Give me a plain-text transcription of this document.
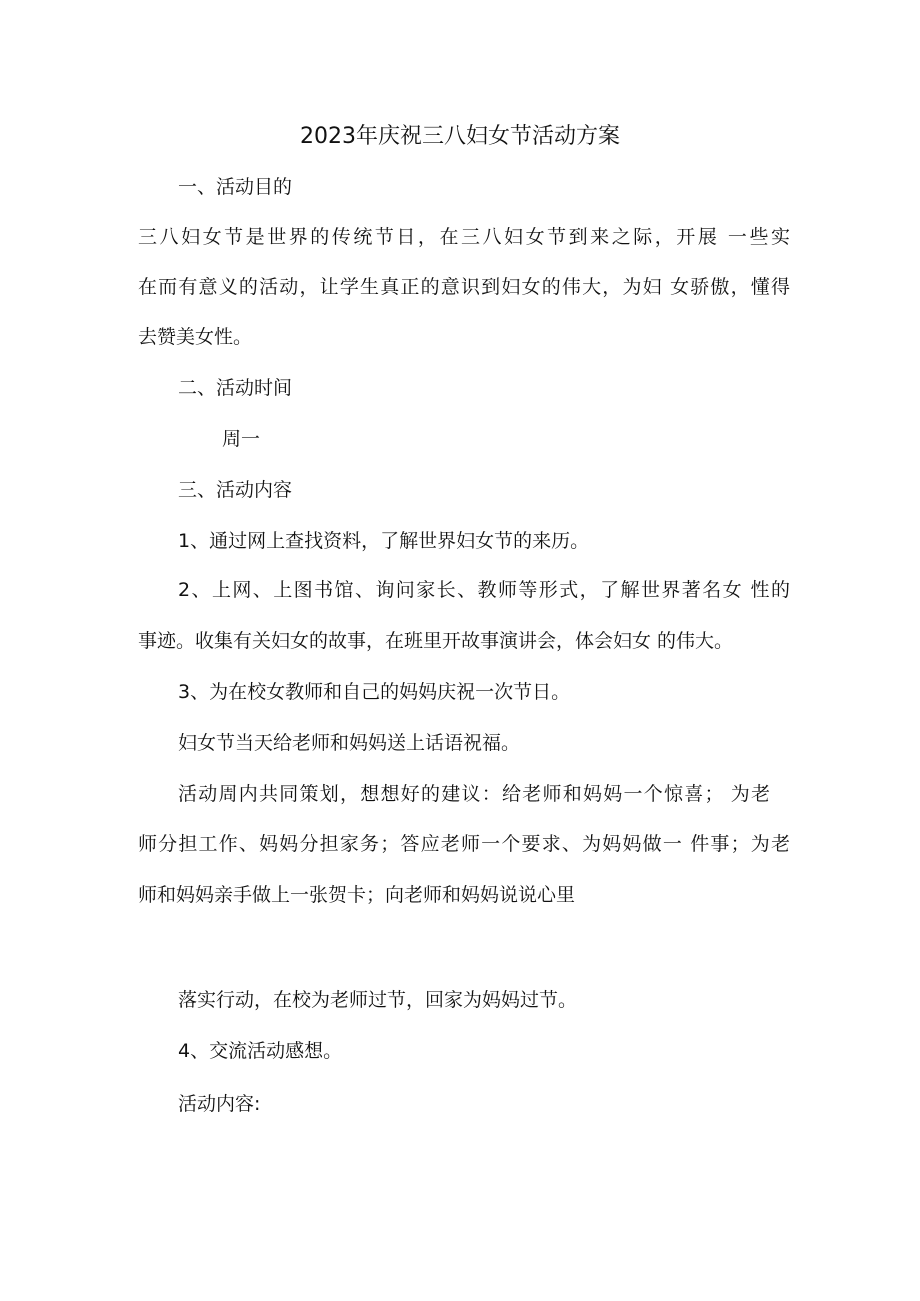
2023年庆祝三八妇女节活动方案

一、活动目的

三八妇女节是世界的传统节日，在三八妇女节到来之际，开展 一些实

在而有意义的活动，让学生真正的意识到妇女的伟大，为妇 女骄傲，懂得

去赞美女性。

二、活动时间

周一

三、活动内容

1、通过网上查找资料，了解世界妇女节的来历。

2、上网、上图书馆、询问家长、教师等形式，了解世界著名女 性的

事迹。收集有关妇女的故事，在班里开故事演讲会，体会妇女 的伟大。

3、为在校女教师和自己的妈妈庆祝一次节日。

妇女节当天给老师和妈妈送上话语祝福。

活动周内共同策划，想想好的建议：给老师和妈妈一个惊喜； 为老

师分担工作、妈妈分担家务；答应老师一个要求、为妈妈做一 件事；为老

师和妈妈亲手做上一张贺卡；向老师和妈妈说说心里

落实行动，在校为老师过节，回家为妈妈过节。

4、交流活动感想。

活动内容:
